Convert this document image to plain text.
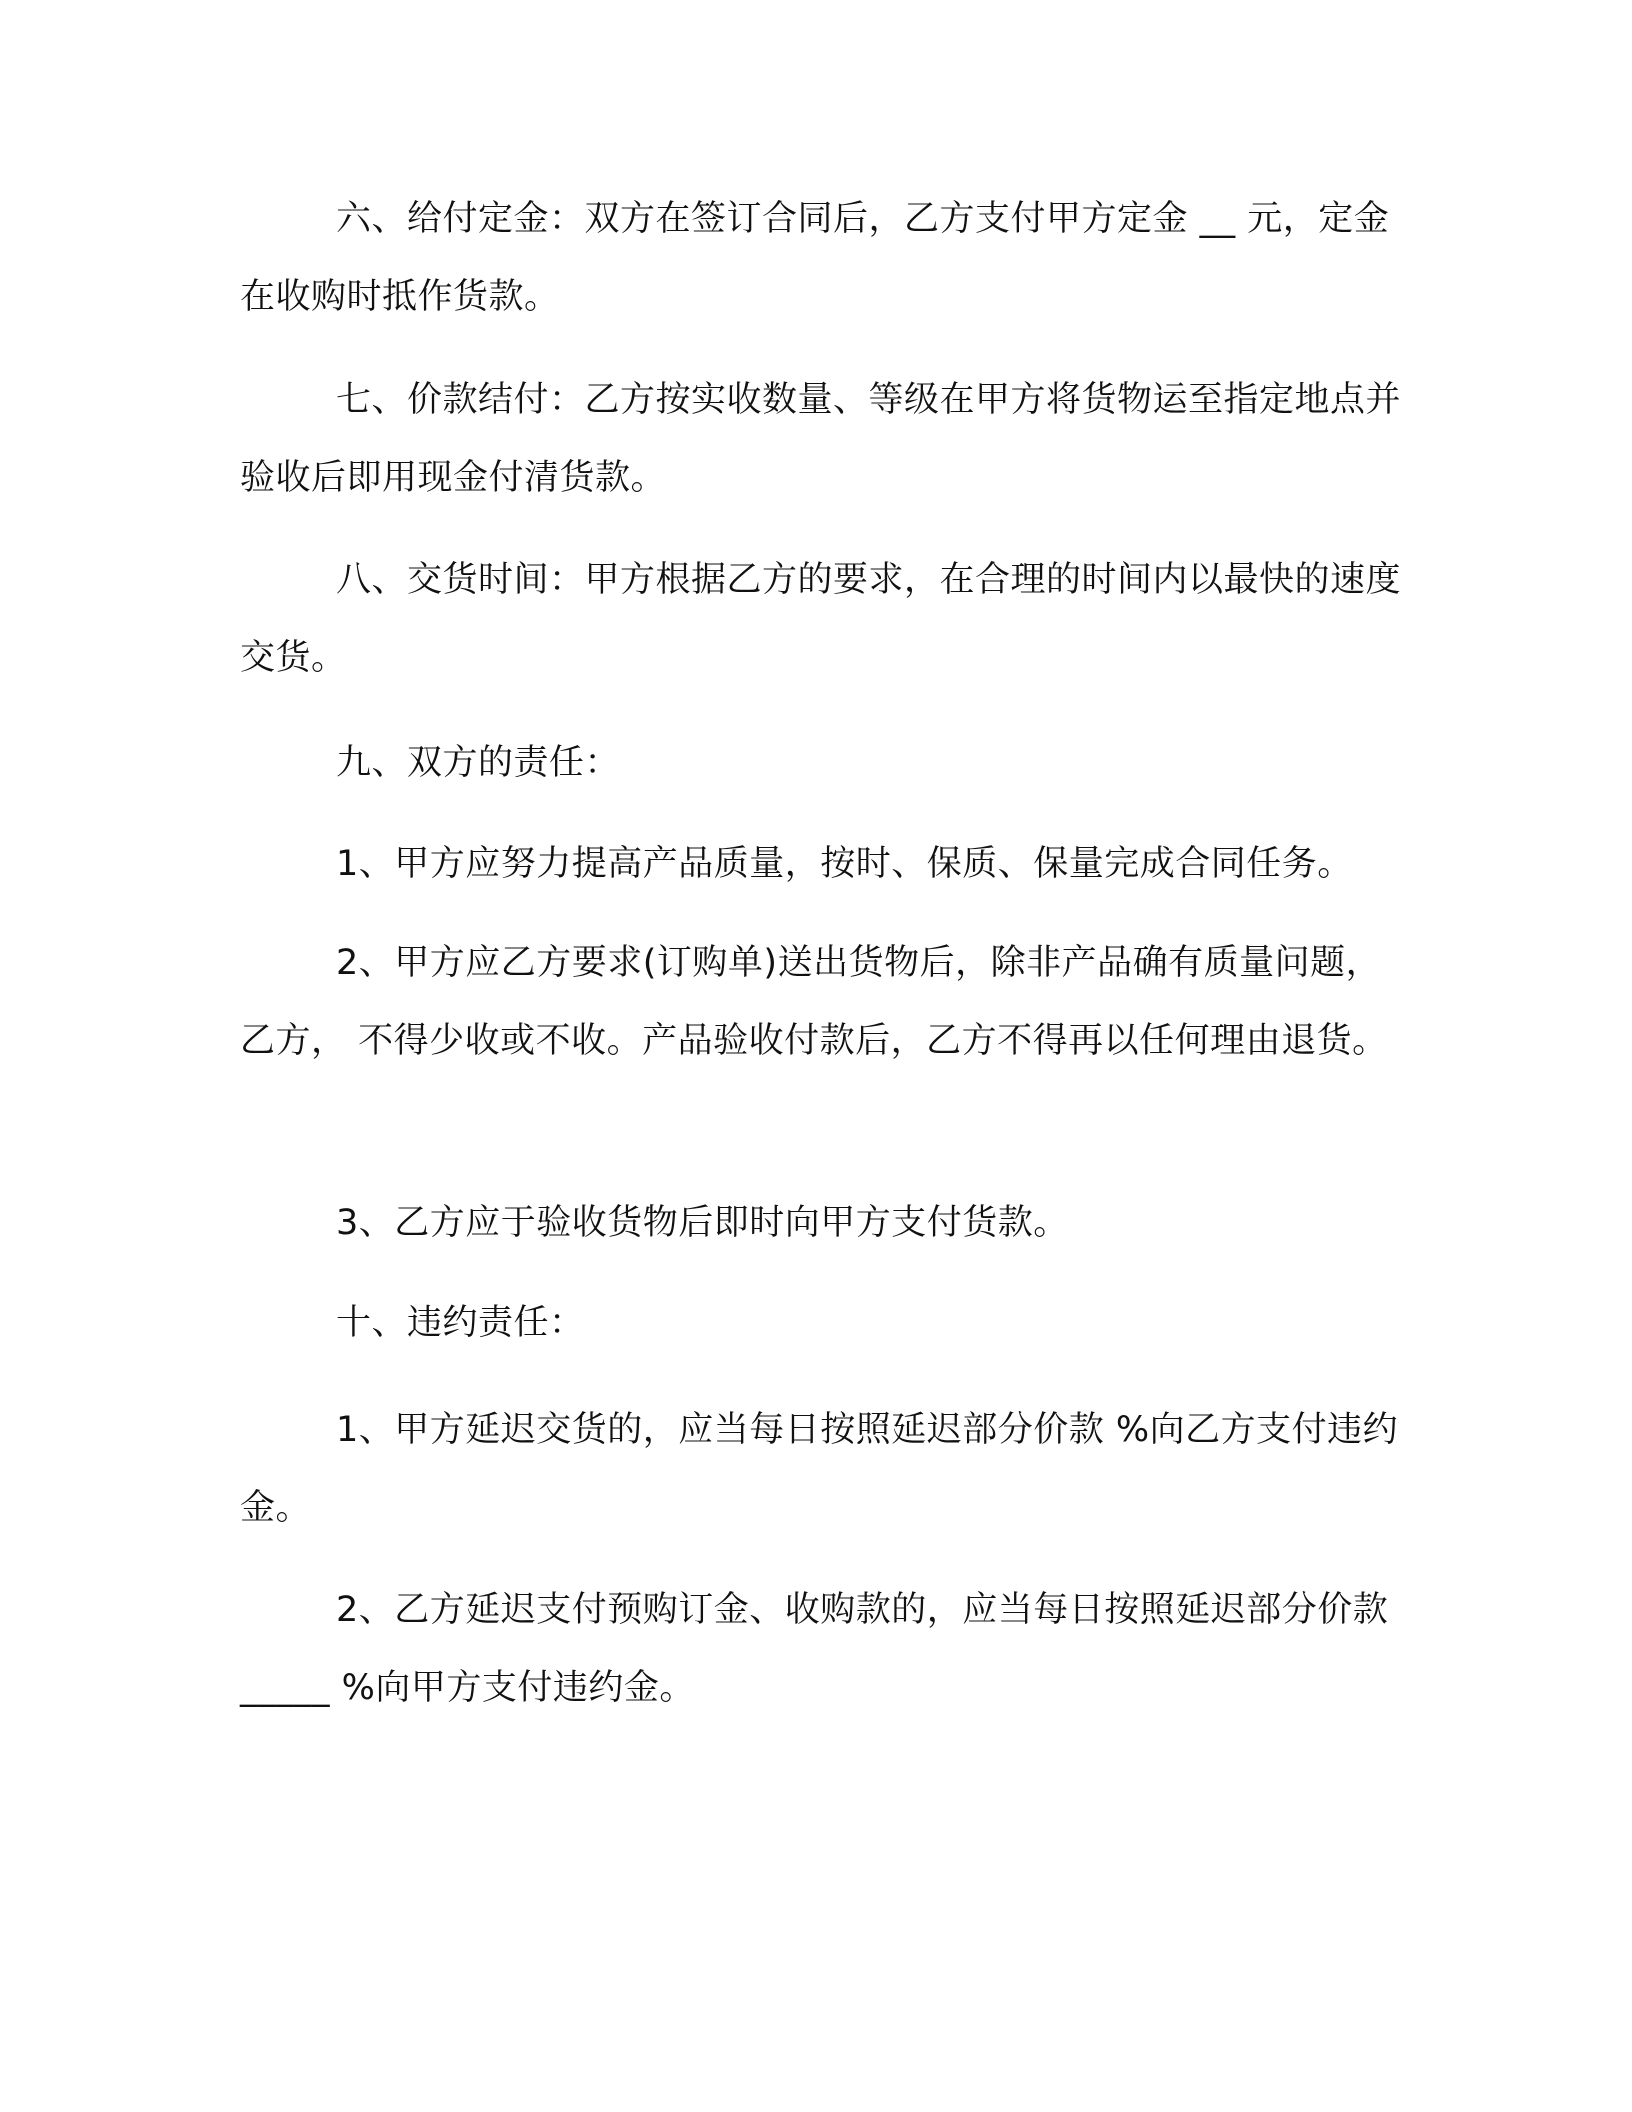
六、给付定金：双方在签订合同后，乙方支付甲方定金 __ 元，定金在收购时抵作货款。

七、价款结付：乙方按实收数量、等级在甲方将货物运至指定地点并验收后即用现金付清货款。

八、交货时间：甲方根据乙方的要求，在合理的时间内以最快的速度交货。

九、双方的责任：

1、甲方应努力提高产品质量，按时、保质、保量完成合同任务。

2、甲方应乙方要求(订购单)送出货物后，除非产品确有质量问题，乙方， 不得少收或不收。产品验收付款后，乙方不得再以任何理由退货。

3、乙方应于验收货物后即时向甲方支付货款。

十、违约责任：

1、甲方延迟交货的，应当每日按照延迟部分价款 %向乙方支付违约金。

2、乙方延迟支付预购订金、收购款的，应当每日按照延迟部分价款 _____ %向甲方支付违约金。
